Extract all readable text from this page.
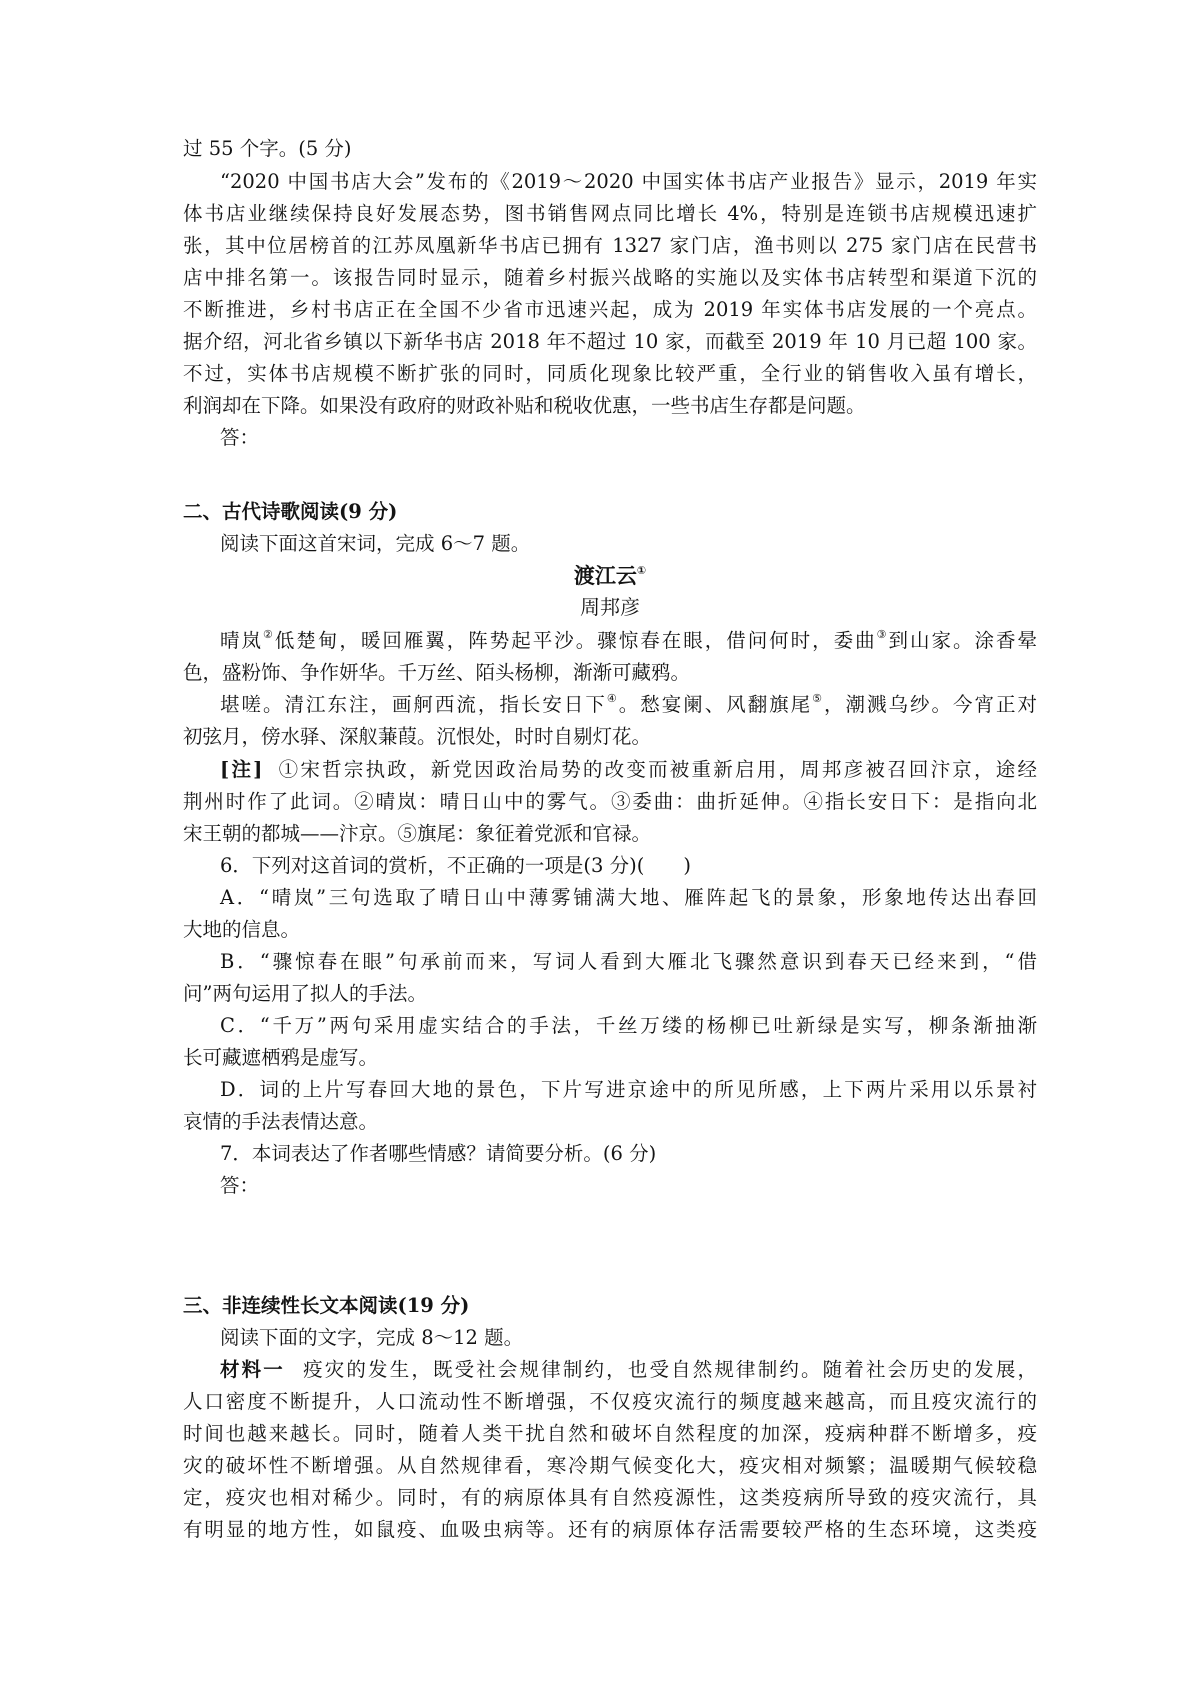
过 55 个字。(5 分)
“2020 中国书店大会”发布的《2019～2020 中国实体书店产业报告》显示，2019 年实
体书店业继续保持良好发展态势，图书销售网点同比增长 4%，特别是连锁书店规模迅速扩
张，其中位居榜首的江苏凤凰新华书店已拥有 1327 家门店，渔书则以 275 家门店在民营书
店中排名第一。该报告同时显示，随着乡村振兴战略的实施以及实体书店转型和渠道下沉的
不断推进，乡村书店正在全国不少省市迅速兴起，成为 2019 年实体书店发展的一个亮点。
据介绍，河北省乡镇以下新华书店 2018 年不超过 10 家，而截至 2019 年 10 月已超 100 家。
不过，实体书店规模不断扩张的同时，同质化现象比较严重，全行业的销售收入虽有增长，
利润却在下降。如果没有政府的财政补贴和税收优惠，一些书店生存都是问题。
答：
二、古代诗歌阅读(9 分)
阅读下面这首宋词，完成 6～7 题。
渡江云①
周邦彦
晴岚②低楚甸，暖回雁翼，阵势起平沙。骤惊春在眼，借问何时，委曲③到山家。涂香晕
色，盛粉饰、争作妍华。千万丝、陌头杨柳，渐渐可藏鸦。
堪嗟。清江东注，画舸西流，指长安日下④。愁宴阑、风翻旗尾⑤，潮溅乌纱。今宵正对
初弦月，傍水驿、深舣蒹葭。沉恨处，时时自剔灯花。
[注] ①宋哲宗执政，新党因政治局势的改变而被重新启用，周邦彦被召回汴京，途经
荆州时作了此词。②晴岚：晴日山中的雾气。③委曲：曲折延伸。④指长安日下：是指向北
宋王朝的都城——汴京。⑤旗尾：象征着党派和官禄。
6．下列对这首词的赏析，不正确的一项是(3 分)(　　)
A．“晴岚”三句选取了晴日山中薄雾铺满大地、雁阵起飞的景象，形象地传达出春回
大地的信息。
B．“骤惊春在眼”句承前而来，写词人看到大雁北飞骤然意识到春天已经来到，“借
问”两句运用了拟人的手法。
C．“千万”两句采用虚实结合的手法，千丝万缕的杨柳已吐新绿是实写，柳条渐抽渐
长可藏遮栖鸦是虚写。
D．词的上片写春回大地的景色，下片写进京途中的所见所感，上下两片采用以乐景衬
哀情的手法表情达意。
7．本词表达了作者哪些情感？请简要分析。(6 分)
答：
三、非连续性长文本阅读(19 分)
阅读下面的文字，完成 8～12 题。
材料一 疫灾的发生，既受社会规律制约，也受自然规律制约。随着社会历史的发展，
人口密度不断提升，人口流动性不断增强，不仅疫灾流行的频度越来越高，而且疫灾流行的
时间也越来越长。同时，随着人类干扰自然和破坏自然程度的加深，疫病种群不断增多，疫
灾的破坏性不断增强。从自然规律看，寒冷期气候变化大，疫灾相对频繁；温暖期气候较稳
定，疫灾也相对稀少。同时，有的病原体具有自然疫源性，这类疫病所导致的疫灾流行，具
有明显的地方性，如鼠疫、血吸虫病等。还有的病原体存活需要较严格的生态环境，这类疫
